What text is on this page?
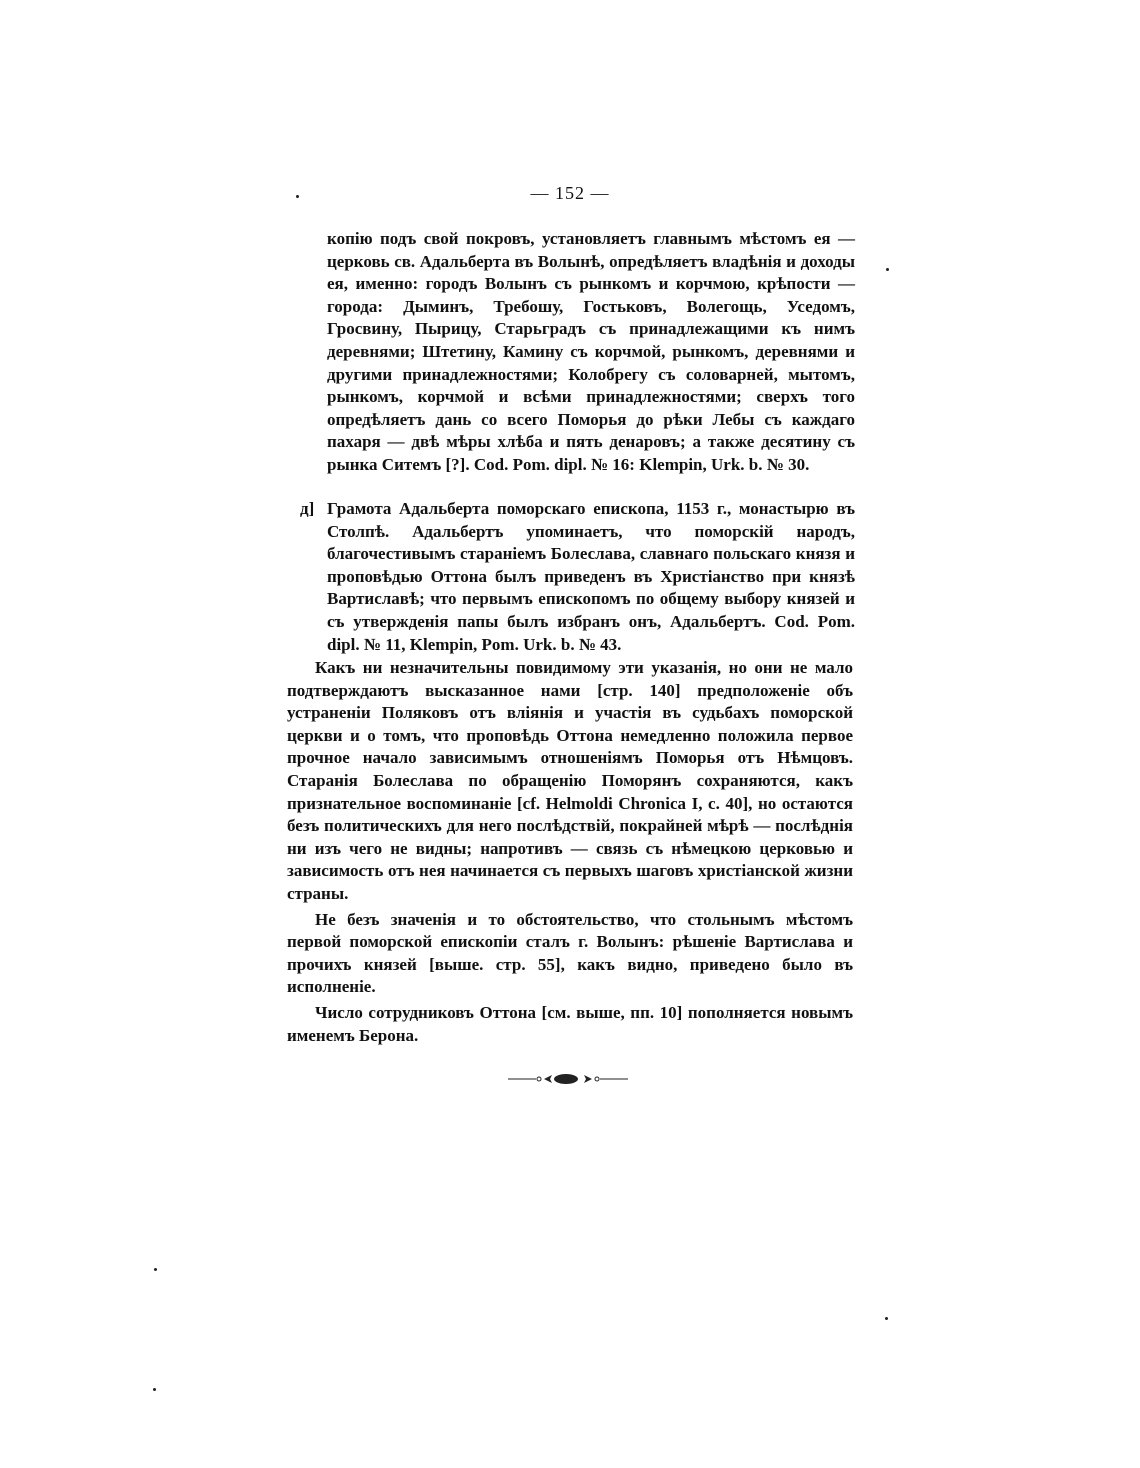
— 152 —
копію подъ свой покровъ, установляетъ главнымъ мѣстомъ ея — церковь св. Адальберта въ Волынѣ, опредѣляетъ владѣнія и доходы ея, именно: городъ Волынъ съ рынкомъ и корчмою, крѣпости — города: Дыминъ, Требошу, Гостьковъ, Волегощь, Уседомъ, Гросвину, Пырицу, Старьградъ съ принадлежащими къ нимъ деревнями; Штетину, Камину съ корчмой, рынкомъ, деревнями и другими принадлежностями; Колобрегу съ соловарней, мытомъ, рынкомъ, корчмой и всѣми принадлежностями; сверхъ того опредѣляетъ дань со всего Поморья до рѣки Лебы съ каждаго пахаря — двѣ мѣры хлѣба и пять денаровъ; а также десятину съ рынка Ситемъ [?]. Cod. Pom. dipl. № 16: Klempin, Urk. b. № 30.
д] Грамота Адальберта поморскаго епископа, 1153 г., монастырю въ Столпѣ. Адальбертъ упоминаетъ, что поморскій народъ, благочестивымъ стараніемъ Болеслава, славнаго польскаго князя и проповѣдью Оттона былъ приведенъ въ Христіанство при князѣ Вартиславѣ; что первымъ епископомъ по общему выбору князей и съ утвержденія папы былъ избранъ онъ, Адальбертъ. Cod. Pom. dipl. № 11, Klempin, Pom. Urk. b. № 43.

Какъ ни незначительны повидимому эти указанія, но они не мало подтверждаютъ высказанное нами [стр. 140] предположеніе объ устраненіи Поляковъ отъ вліянія и участія въ судьбахъ поморской церкви и о томъ, что проповѣдь Оттона немедленно положила первое прочное начало зависимымъ отношеніямъ Поморья отъ Нѣмцовъ. Старанія Болеслава по обращенію Поморянъ сохраняются, какъ признательное воспоминаніе [cf. Helmoldi Chronica I, c. 40], но остаются безъ политическихъ для него послѣдствій, покрайней мѣрѣ — послѣднія ни изъ чего не видны; напротивъ — связь съ нѣмецкою церковью и зависимость отъ нея начинается съ первыхъ шаговъ христіанской жизни страны.

Не безъ значенія и то обстоятельство, что стольнымъ мѣстомъ первой поморской епископіи сталъ г. Волынъ: рѣшеніе Вартислава и прочихъ князей [выше. стр. 55], какъ видно, приведено было въ исполненіе.

Число сотрудниковъ Оттона [см. выше, пп. 10] пополняется новымъ именемъ Берона.
